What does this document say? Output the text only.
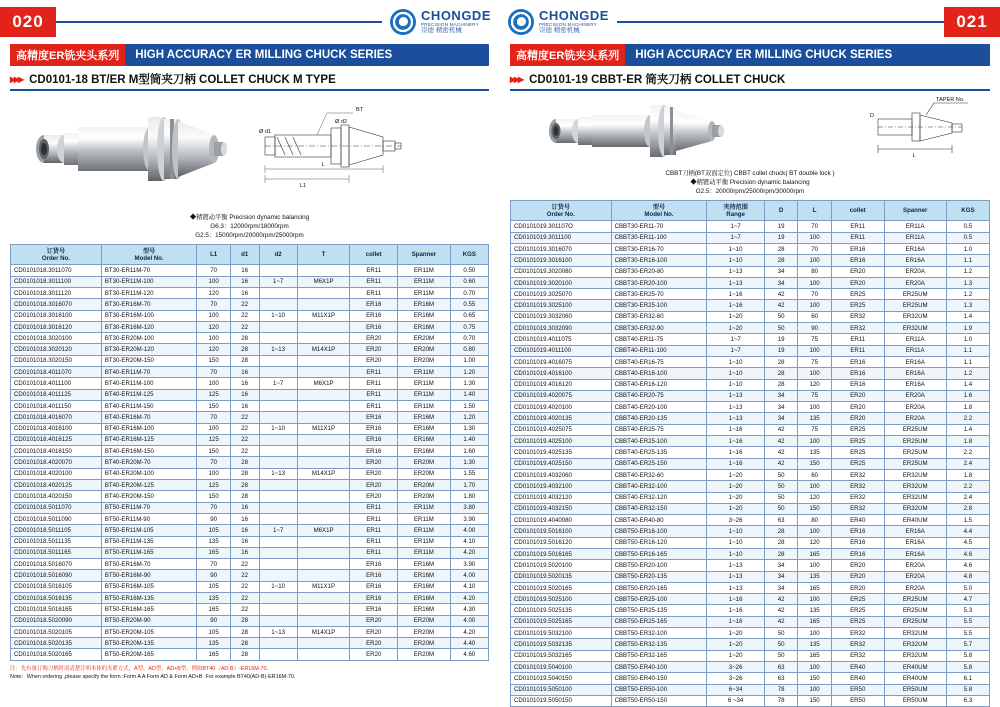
020	CHONGDE
PRECISION MACHINERY
崇德 精密机械
高精度ER铣夹头系列	HIGH ACCURACY ER MILLING CHUCK SERIES
▸▸▸ CD0101-18 BT/ER M型筒夹刀柄 COLLET CHUCK M TYPE
L1
L
BT
Ø d1
Ø d2
◆精镀动平衡 Precision dynamic balancing
G6.3：12000rpm/18000rpm
G2.5：15000rpm/20000rpm/25000rpm
订货号
Order No.	型号
Model No.	L1	d1	d2	T	collet	Spanner	KGS
CD0101018.3011070	BT30-ER11M-70	70	16			ER11	ER11M	0.50
CD0101018.3011100	BT30-ER11M-100	100	16	1~7	M6X1P	ER11	ER11M	0.60
CD0101018.3011120	BT30-ER11M-120	120	16			ER11	ER11M	0.70
CD0101018.3016070	BT30-ER16M-70	70	22			ER16	ER16M	0.55
CD0101018.3016100	BT30-ER16M-100	100	22	1~10	M11X1P	ER16	ER16M	0.65
CD0101018.3016120	BT30-ER16M-120	120	22			ER16	ER16M	0.75
CD0101018.3020100	BT30-ER20M-100	100	28			ER20	ER20M	0.70
CD0101018.3020120	BT30-ER20M-120	120	28	1~13	M14X1P	ER20	ER20M	0.80
CD0101018.3020150	BT30-ER20M-150	150	28			ER20	ER20M	1.00
CD0101018.4011070	BT40-ER11M-70	70	16			ER11	ER11M	1.20
CD0101018.4011100	BT40-ER11M-100	100	16	1~7	M6X1P	ER11	ER11M	1.30
CD0101018.4011125	BT40-ER11M-125	125	16			ER11	ER11M	1.40
CD0101018.4011150	BT40-ER11M-150	150	16			ER11	ER11M	1.50
CD0101018.4016070	BT40-ER16M-70	70	22			ER16	ER16M	1.20
CD0101018.4016100	BT40-ER16M-100	100	22	1~10	M11X1P	ER16	ER16M	1.30
CD0101018.4016125	BT40-ER16M-125	125	22			ER16	ER16M	1.40
CD0101018.4016150	BT40-ER16M-150	150	22			ER16	ER16M	1.60
CD0101018.4020070	BT40-ER20M-70	70	28			ER20	ER20M	1.30
CD0101018.4020100	BT40-ER20M-100	100	28	1~13	M14X1P	ER20	ER20M	1.55
CD0101018.4020125	BT40-ER20M-125	125	28			ER20	ER20M	1.70
CD0101018.4020150	BT40-ER20M-150	150	28			ER20	ER20M	1.80
CD0101018.5011070	BT50-ER11M-70	70	16			ER11	ER11M	3.80
CD0101018.5011090	BT50-ER11M-90	90	16			ER11	ER11M	3.90
CD0101018.5011105	BT50-ER11M-105	105	16	1~7	M6X1P	ER11	ER11M	4.00
CD0101018.5011135	BT50-ER11M-135	135	16			ER11	ER11M	4.10
CD0101018.5011165	BT50-ER11M-165	165	16			ER11	ER11M	4.20
CD0101018.5016070	BT50-ER16M-70	70	22			ER16	ER16M	3.90
CD0101018.5016090	BT50-ER16M-90	90	22			ER16	ER16M	4.00
CD0101018.5016105	BT50-ER16M-105	105	22	1~10	M11X1P	ER16	ER16M	4.10
CD0101018.5016135	BT50-ER16M-135	135	22			ER16	ER16M	4.20
CD0101018.5016165	BT50-ER16M-165	165	22			ER16	ER16M	4.30
CD0101018.5020090	BT50-ER20M-90	90	28			ER20	ER20M	4.00
CD0101018.5020105	BT50-ER20M-105	105	28	1~13	M14X1P	ER20	ER20M	4.20
CD0101018.5020135	BT50-ER20M-135	135	28			ER20	ER20M	4.40
CD0101018.5020165	BT50-ER20M-165	165	28			ER20	ER20M	4.60
注：先有备订购刀柄时请清楚注明本体的夹紧方式，A型、AD型、AD+B型。例如BT40（AD-B）-ER16M-70。
Note：When ordering ,please specify the form :Form A A Form AD & Form AD+B .For example BT40(AD-B)-ER16M-70.
CHONGDE
PRECISION MACHINERY
崇德 精密机械	021
高精度ER铣夹头系列	HIGH ACCURACY ER MILLING CHUCK SERIES
▸▸▸ CD0101-19 CBBT-ER 筒夹刀柄 COLLET CHUCK
L
TAPER No.
D
CBBT刀柄(BT双面定位) CBBT collet chuck( BT double lock )
◆精镀动平衡 Precision dynamic balancing
G2.5：20000rpm/25000rpm/30000rpm
订货号
Order No.	型号
Model No.	夹持范围
Range	D	L	collet	Spanner	KGS
CD0101019.301107O	CBBT30-ER11-70	1~7	19	70	ER11	ER11A	0.5
CD0101019.3011100	CBBT30-ER11-100	1~7	19	100	ER11	ER11A	0.5
CD0101019.3016070	CBBT30-ER16-70	1~10	28	70	ER16	ER16A	1.0
CD0101019.3016100	CBBT30-ER16-100	1~10	28	100	ER16	ER16A	1.1
CD0101019.3020080	CBBT30-ER20-80	1~13	34	80	ER20	ER20A	1.2
CD0101019.3020100	CBBT30-ER20-100	1~13	34	100	ER20	ER20A	1.3
CD0101019.3025070	CBBT30-ER25-70	1~16	42	70	ER25	ER25UM	1.2
CD0101019.3025100	CBBT30-ER25-100	1~16	42	100	ER25	ER25UM	1.3
CD0101019.3032060	CBBT30-ER32-60	1~20	50	60	ER32	ER32UM	1.4
CD0101019.3032090	CBBT30-ER32-90	1~20	50	90	ER32	ER32UM	1.9
CD0101019.4011075	CBBT40-ER11-75	1~7	19	75	ER11	ER11A	1.0
CD0101019.4011100	CBBT40-ER11-100	1~7	19	100	ER11	ER11A	1.1
CD0101019.4016075	CBBT40-ER16-75	1~10	28	75	ER16	ER16A	1.1
CD0101019.4016100	CBBT40-ER16-100	1~10	28	100	ER16	ER16A	1.2
CD0101019.4016120	CBBT40-ER16-120	1~10	28	120	ER16	ER16A	1.4
CD0101019.4020075	CBBT40-ER20-75	1~13	34	75	ER20	ER20A	1.6
CD0101019.4020100	CBBT40-ER20-100	1~13	34	100	ER20	ER20A	1.8
CD0101019.4020135	CBBT40-ER20-135	1~13	34	135	ER20	ER20A	2.2
CD0101019.4025075	CBBT40-ER25-75	1~16	42	75	ER25	ER25UM	1.4
CD0101019.4025100	CBBT40-ER25-100	1~16	42	100	ER25	ER25UM	1.8
CD0101019.4025135	CBBT40-ER25-135	1~16	42	135	ER25	ER25UM	2.2
CD0101019.4025150	CBBT40-ER25-150	1~16	42	150	ER25	ER25UM	2.4
CD0101019.4032060	CBBT40-ER32-60	1~20	50	60	ER32	ER32UM	1.8
CD0101019.4032100	CBBT40-ER32-100	1~20	50	100	ER32	ER32UM	2.2
CD0101019.4032120	CBBT40-ER32-120	1~20	50	120	ER32	ER32UM	2.4
CD0101019.4032150	CBBT40-ER32-150	1~20	50	150	ER32	ER32UM	2.8
CD0101019.4040080	CBBT40-ER40-80	3~26	63	80	ER40	ER40UM	1.5
CD0101019.5016100	CBBT50-ER16-100	1~10	28	100	ER16	ER16A	4.4
CD0101019.5016120	CBBT50-ER16-120	1~10	28	120	ER16	ER16A	4.5
CD0101019.5016165	CBBT50-ER16-165	1~10	28	165	ER16	ER16A	4.6
CD0101019.5020100	CBBT50-ER20-100	1~13	34	100	ER20	ER20A	4.6
CD0101019.5020135	CBBT50-ER20-135	1~13	34	135	ER20	ER20A	4.8
CD0101019.5020165	CBBT50-ER20-165	1~13	34	165	ER20	ER20A	5.0
CD0101019.5025100	CBBT50-ER25-100	1~16	42	100	ER25	ER25UM	4.7
CD0101019.5025135	CBBT50-ER25-135	1~16	42	135	ER25	ER25UM	5.3
CD0101019.5025165	CBBT50-ER25-165	1~16	42	165	ER25	ER25UM	5.5
CD0101019.5032100	CBBT50-ER32-100	1~20	50	100	ER32	ER32UM	5.5
CD0101019.5032135	CBBT50-ER32-135	1~20	50	135	ER32	ER32UM	5.7
CD0101019.5032165	CBBT50-ER32-165	1~20	50	165	ER32	ER32UM	5.8
CD0101019.5040100	CBBT50-ER40-100	3~26	63	100	ER40	ER40UM	5.8
CD0101019.5040150	CBBT50-ER40-150	3~26	63	150	ER40	ER40UM	6.1
CD0101019.5050100	CBBT50-ER50-100	6~34	78	100	ER50	ER50UM	5.8
CD0101019.5050150	CBBT50-ER50-150	6 ~34	78	150	ER50	ER50UM	6.3
